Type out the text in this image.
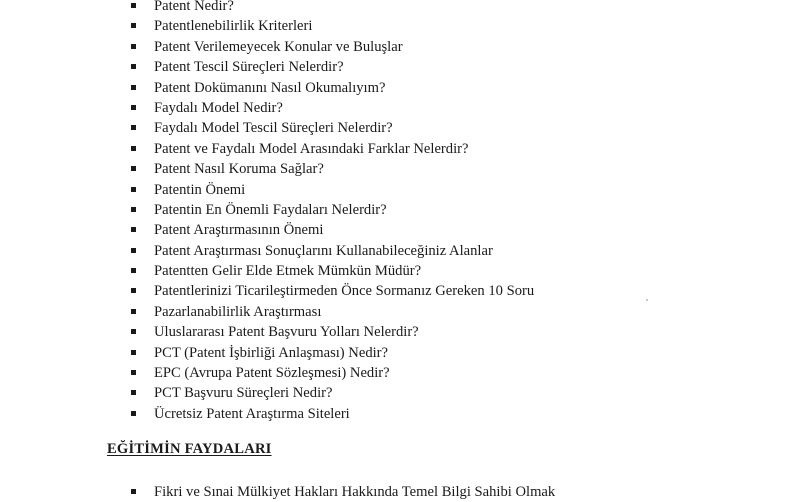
Patent Nedir?
Patentlenebilirlik Kriterleri
Patent Verilemeyecek Konular ve Buluşlar
Patent Tescil Süreçleri Nelerdir?
Patent Dokümanını Nasıl Okumalıyım?
Faydalı Model Nedir?
Faydalı Model Tescil Süreçleri Nelerdir?
Patent ve Faydalı Model Arasındaki Farklar Nelerdir?
Patent Nasıl Koruma Sağlar?
Patentin Önemi
Patentin En Önemli Faydaları Nelerdir?
Patent Araştırmasının Önemi
Patent Araştırması Sonuçlarını Kullanabileceğiniz Alanlar
Patentten Gelir Elde Etmek Mümkün Müdür?
Patentlerinizi Ticarileştirmeden Önce Sormanız Gereken 10 Soru
Pazarlanabilirlik Araştırması
Uluslararası Patent Başvuru Yolları Nelerdir?
PCT (Patent İşbirliği Anlaşması) Nedir?
EPC (Avrupa Patent Sözleşmesi) Nedir?
PCT Başvuru Süreçleri Nedir?
Ücretsiz Patent Araştırma Siteleri
EĞİTİMİN FAYDALARI
Fikri ve Sınai Mülkiyet Hakları Hakkında Temel Bilgi Sahibi Olmak
